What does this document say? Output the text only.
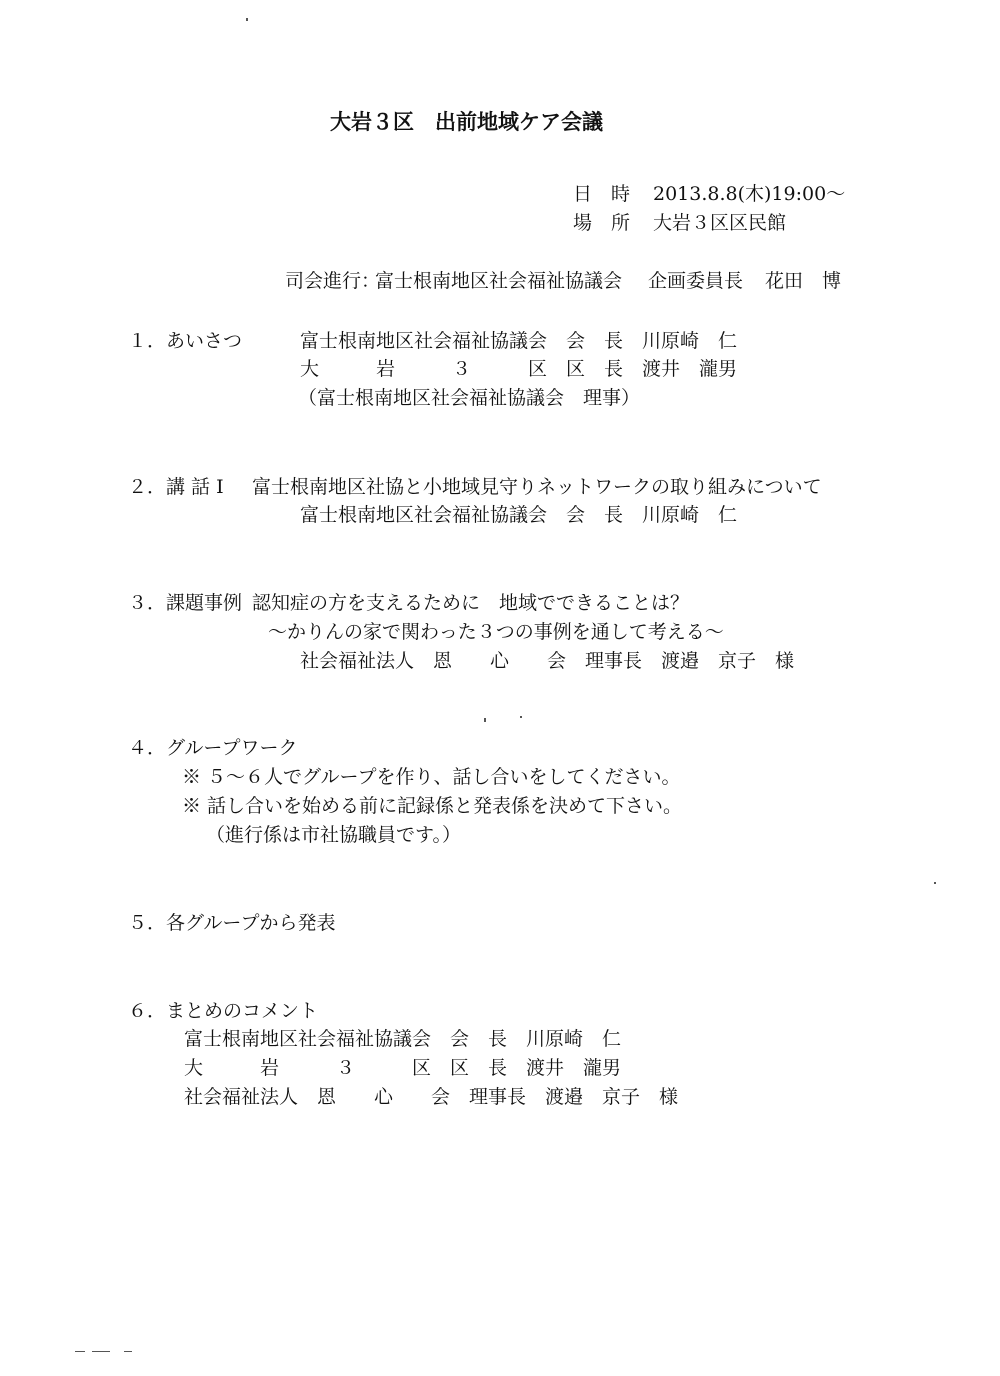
大岩３区　出前地域ケア会議
日　時 2013.8.8(木)19:00～
場　所 大岩３区区民館
司会進行：
富士根南地区社会福祉協議会 企画委員長 花田　博
１．あいさつ	富士根南地区社会福祉協議会　会　長　川原崎　仁
大　　　岩　　　３　　　区　区　長　渡井　瀧男
（富士根南地区社会福祉協議会　理事）
２．講 話 Ⅰ 富士根南地区社協と小地域見守りネットワークの取り組みについて
富士根南地区社会福祉協議会　会　長　川原崎　仁
３．課題事例 認知症の方を支えるために　地域でできることは？
～かりんの家で関わった３つの事例を通して考える～
社会福祉法人　恩　　心　　会　理事長　渡邉　京子　様
４．グループワーク
※ ５～６人でグループを作り、話し合いをしてください。
※ 話し合いを始める前に記録係と発表係を決めて下さい。
（進行係は市社協職員です。）
５．各グループから発表
６．まとめのコメント
富士根南地区社会福祉協議会　会　長　川原崎　仁
大　　　岩　　　３　　　区　区　長　渡井　瀧男
社会福祉法人　恩　　心　　会　理事長　渡邉　京子　様
